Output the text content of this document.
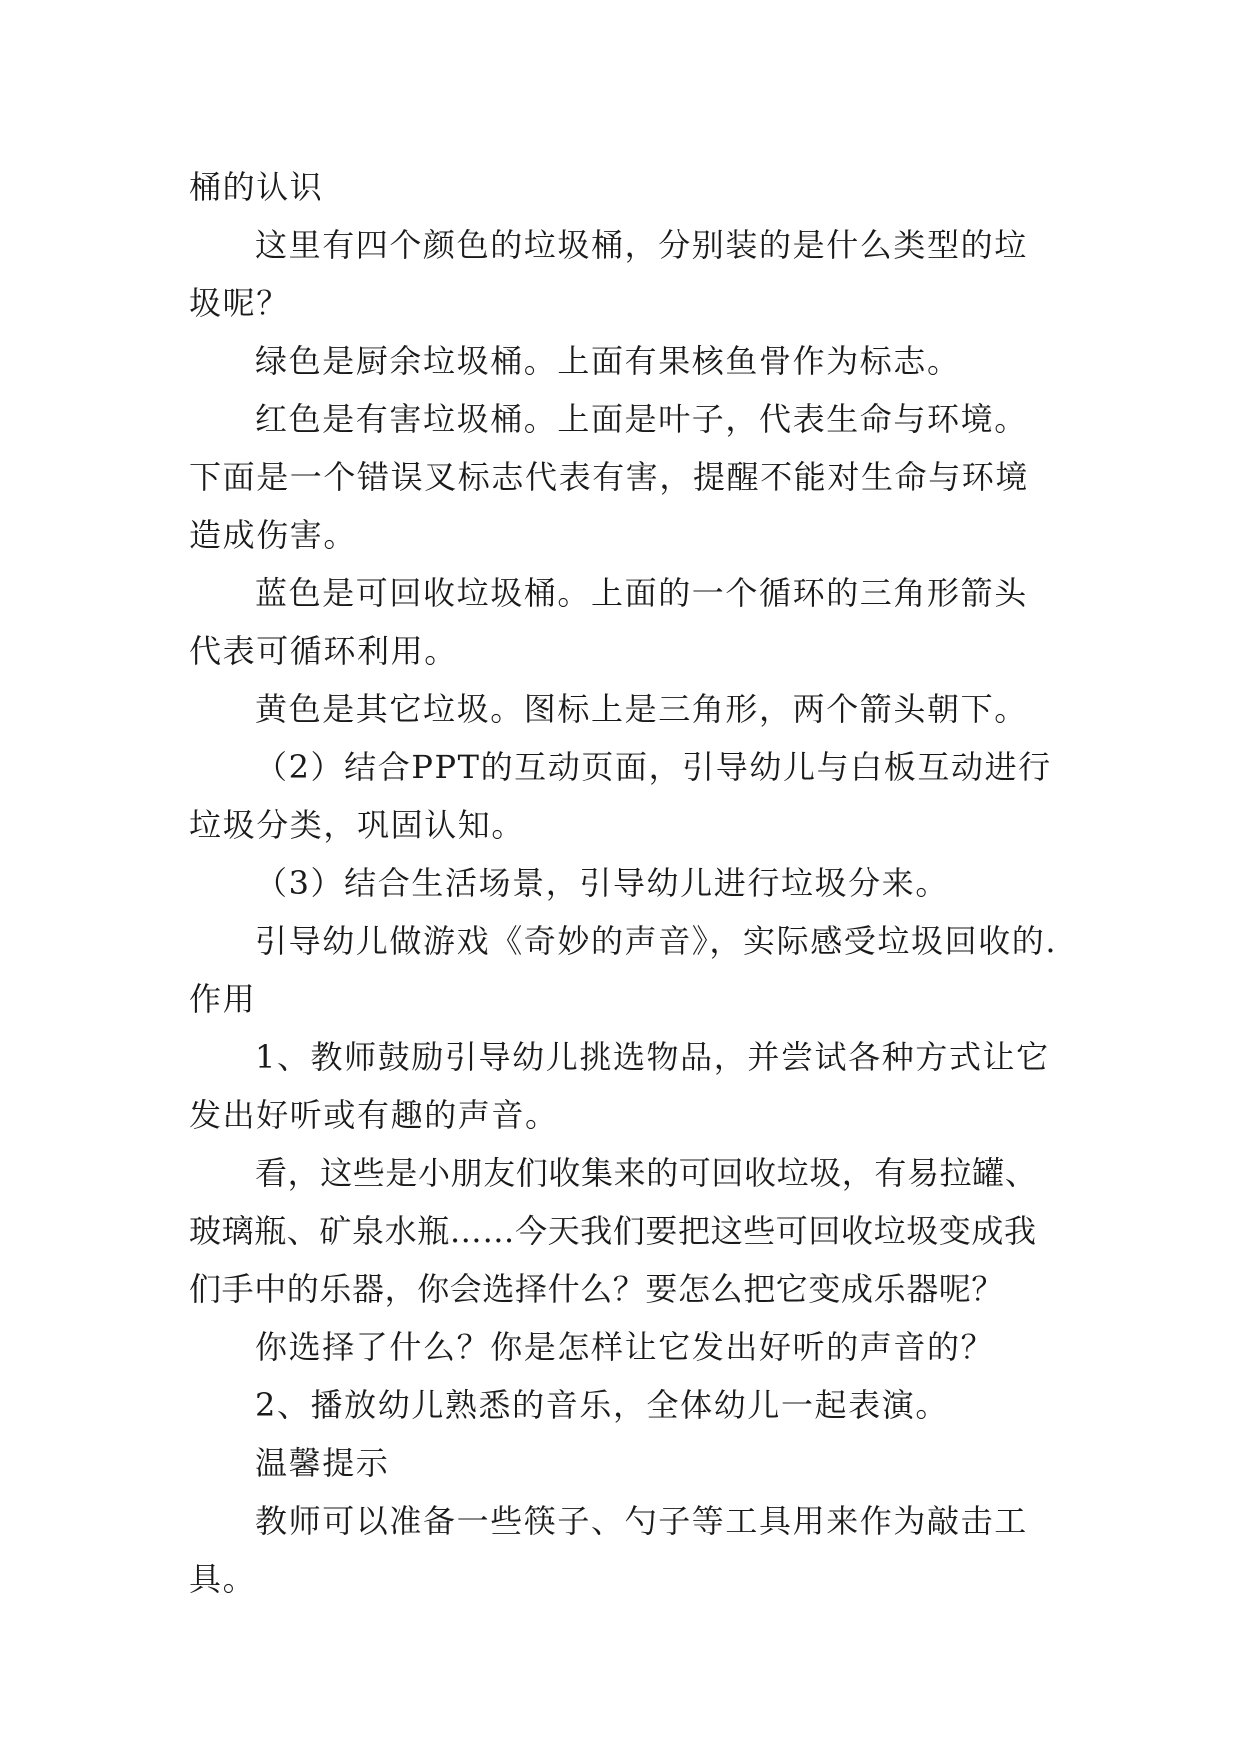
桶的认识

这里有四个颜色的垃圾桶，分别装的是什么类型的垃圾呢？

绿色是厨余垃圾桶。上面有果核鱼骨作为标志。

红色是有害垃圾桶。上面是叶子，代表生命与环境。下面是一个错误叉标志代表有害，提醒不能对生命与环境造成伤害。

蓝色是可回收垃圾桶。上面的一个循环的三角形箭头代表可循环利用。

黄色是其它垃圾。图标上是三角形，两个箭头朝下。

（2）结合PPT的互动页面，引导幼儿与白板互动进行垃圾分类，巩固认知。

（3）结合生活场景，引导幼儿进行垃圾分来。

引导幼儿做游戏《奇妙的声音》，实际感受垃圾回收的.作用

1、教师鼓励引导幼儿挑选物品，并尝试各种方式让它发出好听或有趣的声音。

看，这些是小朋友们收集来的可回收垃圾，有易拉罐、玻璃瓶、矿泉水瓶……今天我们要把这些可回收垃圾变成我们手中的乐器，你会选择什么？要怎么把它变成乐器呢？

你选择了什么？你是怎样让它发出好听的声音的？

2、播放幼儿熟悉的音乐，全体幼儿一起表演。

温馨提示

教师可以准备一些筷子、勺子等工具用来作为敲击工具。
